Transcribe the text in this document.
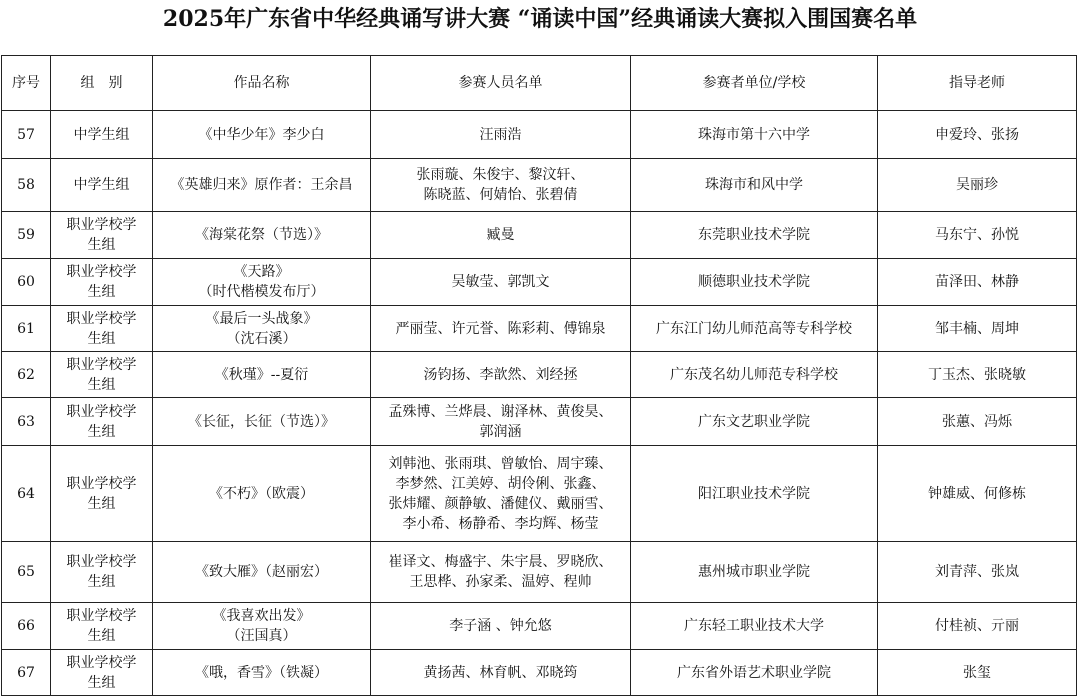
2025年广东省中华经典诵写讲大赛 “诵读中国”经典诵读大赛拟入围国赛名单
序号	组　别	作品名称	参赛人员名单	参赛者单位/学校	指导老师

57	中学生组	《中华少年》李少白	汪雨浩	珠海市第十六中学	申爱玲、张扬

58	中学生组	《英雄归来》原作者：王余昌	张雨璇、朱俊宇、黎汶轩、
陈晓蓝、何婧怡、张碧倩	珠海市和风中学	吴丽珍

59	职业学校学
生组	《海棠花祭（节选）》	臧曼	东莞职业技术学院	马东宁、孙悦

60	职业学校学
生组	《天路》
（时代楷模发布厅）	吴敏莹、郭凯文	顺德职业技术学院	苗泽田、林静

61	职业学校学
生组	《最后一头战象》
（沈石溪）	严丽莹、许元誉、陈彩莉、傅锦泉	广东江门幼儿师范高等专科学校	邹丰楠、周坤

62	职业学校学
生组	《秋瑾》--夏衍	汤钧扬、李歆然、刘经拯	广东茂名幼儿师范专科学校	丁玉杰、张晓敏

63	职业学校学
生组	《长征，长征（节选）》	孟殊博、兰烨晨、谢泽林、黄俊昊、
郭润涵	广东文艺职业学院	张蕙、冯烁

64	职业学校学
生组	《不朽》（欧震）	刘韩池、张雨琪、曾敏怡、周宇臻、
李梦然、江美婷、胡伶俐、张鑫、
张炜耀、颜静敏、潘健仪、戴丽雪、
李小希、杨静希、李均辉、杨莹	阳江职业技术学院	钟雄威、何修栋

65	职业学校学
生组	《致大雁》（赵丽宏）	崔译文、梅盛宇、朱宇晨、罗晓欣、
王思桦、孙家柔、温婷、程帅	惠州城市职业学院	刘青萍、张岚

66	职业学校学
生组	《我喜欢出发》
（汪国真）	李子涵 、钟允悠	广东轻工职业技术大学	付桂祯、亓丽

67	职业学校学
生组	《哦，香雪》（铁凝）	黄扬茜、林育帆、邓晓筠	广东省外语艺术职业学院	张玺
